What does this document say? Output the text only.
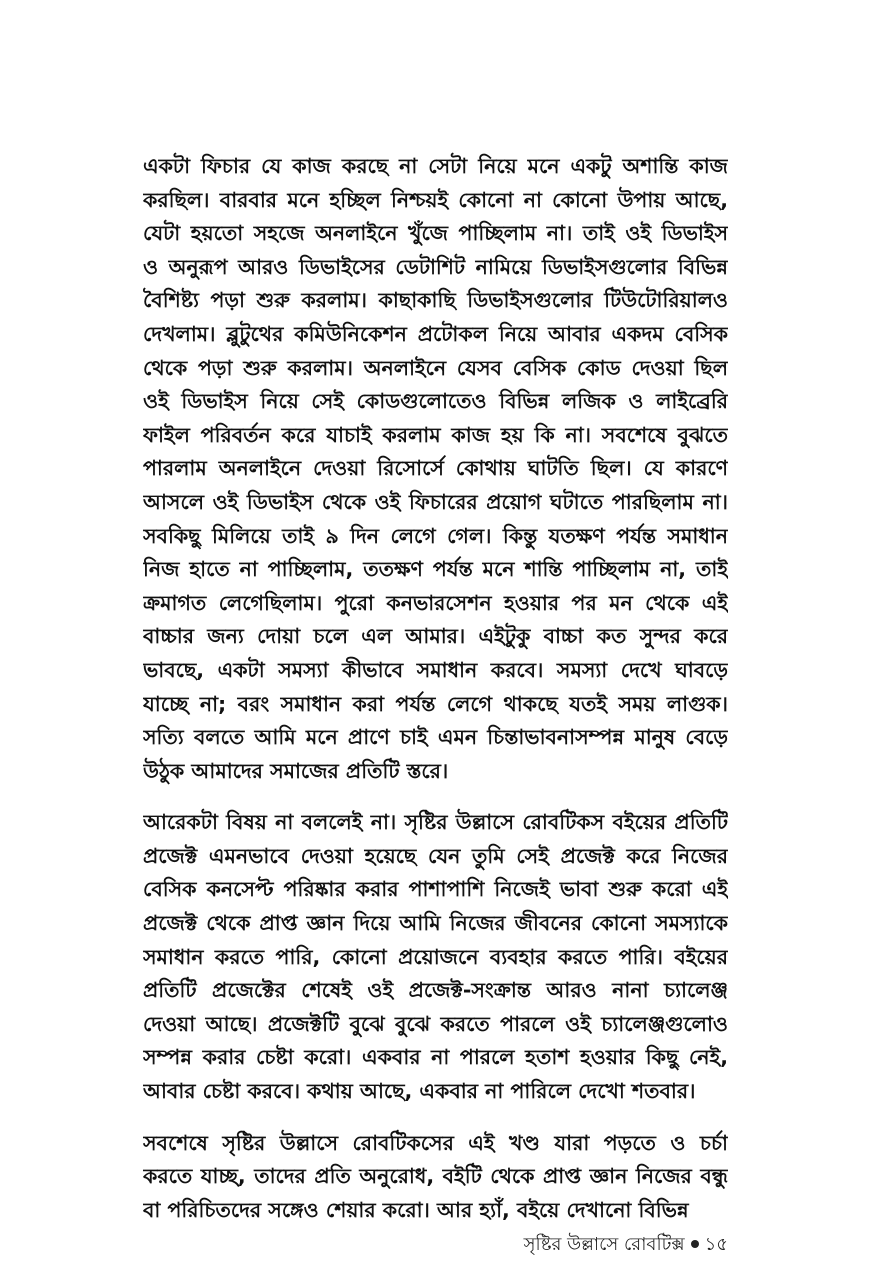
একটা ফিচার যে কাজ করছে না সেটা নিয়ে মনে একটু অশান্তি কাজ
করছিল। বারবার মনে হচ্ছিল নিশ্চয়ই কোনো না কোনো উপায় আছে,
যেটা হয়তো সহজে অনলাইনে খুঁজে পাচ্ছিলাম না। তাই ওই ডিভাইস
ও অনুরূপ আরও ডিভাইসের ডেটাশিট নামিয়ে ডিভাইসগুলোর বিভিন্ন
বৈশিষ্ট্য পড়া শুরু করলাম। কাছাকাছি ডিভাইসগুলোর টিউটোরিয়ালও
দেখলাম। ব্লুটুথের কমিউনিকেশন প্রটোকল নিয়ে আবার একদম বেসিক
থেকে পড়া শুরু করলাম। অনলাইনে যেসব বেসিক কোড দেওয়া ছিল
ওই ডিভাইস নিয়ে সেই কোডগুলোতেও বিভিন্ন লজিক ও লাইব্রেরি
ফাইল পরিবর্তন করে যাচাই করলাম কাজ হয় কি না। সবশেষে বুঝতে
পারলাম অনলাইনে দেওয়া রিসোর্সে কোথায় ঘাটতি ছিল। যে কারণে
আসলে ওই ডিভাইস থেকে ওই ফিচারের প্রয়োগ ঘটাতে পারছিলাম না।
সবকিছু মিলিয়ে তাই ৯ দিন লেগে গেল। কিন্তু যতক্ষণ পর্যন্ত সমাধান
নিজ হাতে না পাচ্ছিলাম, ততক্ষণ পর্যন্ত মনে শান্তি পাচ্ছিলাম না, তাই
ক্রমাগত লেগেছিলাম। পুরো কনভারসেশন হওয়ার পর মন থেকে এই
বাচ্চার জন্য দোয়া চলে এল আমার। এইটুকু বাচ্চা কত সুন্দর করে
ভাবছে, একটা সমস্যা কীভাবে সমাধান করবে। সমস্যা দেখে ঘাবড়ে
যাচ্ছে না; বরং সমাধান করা পর্যন্ত লেগে থাকছে যতই সময় লাগুক।
সত্যি বলতে আমি মনে প্রাণে চাই এমন চিন্তাভাবনাসম্পন্ন মানুষ বেড়ে
উঠুক আমাদের সমাজের প্রতিটি স্তরে।

আরেকটা বিষয় না বললেই না। সৃষ্টির উল্লাসে রোবটিকস বইয়ের প্রতিটি
প্রজেক্ট এমনভাবে দেওয়া হয়েছে যেন তুমি সেই প্রজেক্ট করে নিজের
বেসিক কনসেপ্ট পরিষ্কার করার পাশাপাশি নিজেই ভাবা শুরু করো এই
প্রজেক্ট থেকে প্রাপ্ত জ্ঞান দিয়ে আমি নিজের জীবনের কোনো সমস্যাকে
সমাধান করতে পারি, কোনো প্রয়োজনে ব্যবহার করতে পারি। বইয়ের
প্রতিটি প্রজেক্টের শেষেই ওই প্রজেক্ট-সংক্রান্ত আরও নানা চ্যালেঞ্জ
দেওয়া আছে। প্রজেক্টটি বুঝে বুঝে করতে পারলে ওই চ্যালেঞ্জগুলোও
সম্পন্ন করার চেষ্টা করো। একবার না পারলে হতাশ হওয়ার কিছু নেই,
আবার চেষ্টা করবে। কথায় আছে, একবার না পারিলে দেখো শতবার।

সবশেষে সৃষ্টির উল্লাসে রোবটিকসের এই খণ্ড যারা পড়তে ও চর্চা
করতে যাচ্ছ, তাদের প্রতি অনুরোধ, বইটি থেকে প্রাপ্ত জ্ঞান নিজের বন্ধু
বা পরিচিতদের সঙ্গেও শেয়ার করো। আর হ্যাঁ, বইয়ে দেখানো বিভিন্ন

সৃষ্টির উল্লাসে রোবটিক্স ১৫
